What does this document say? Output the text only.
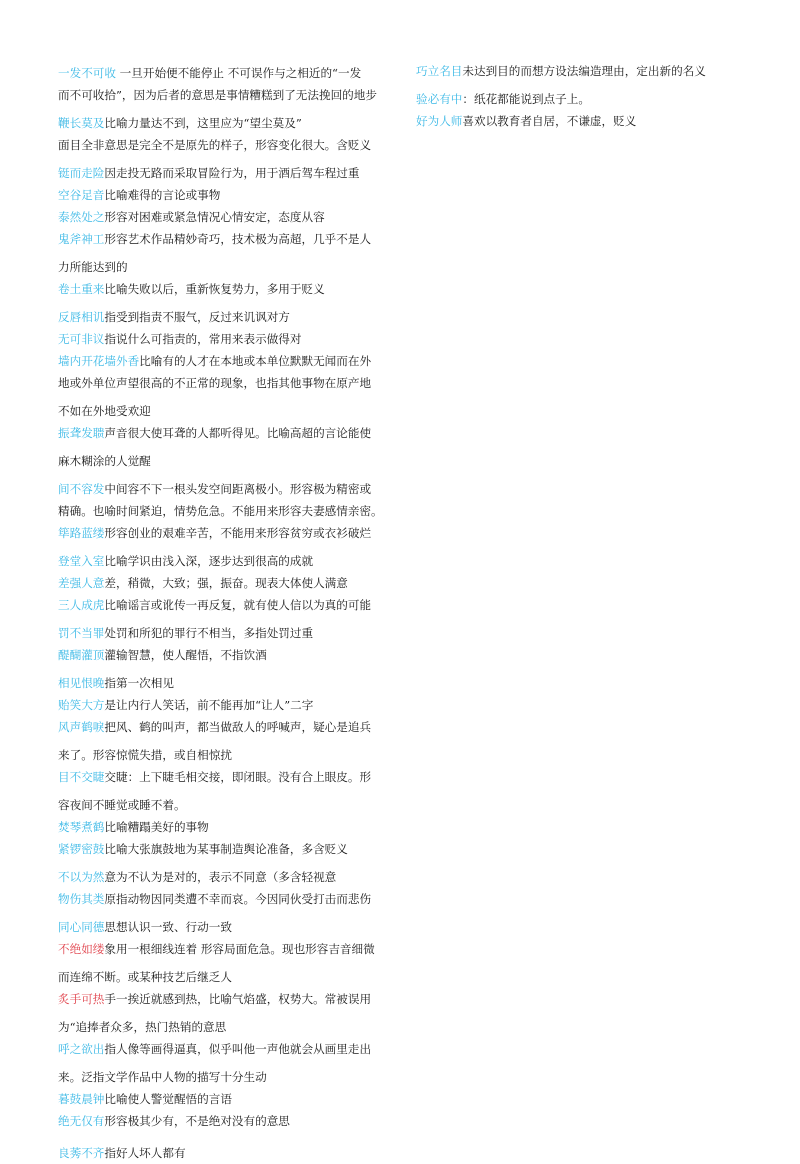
一发不可收 一旦开始便不能停止 不可误作与之相近的“一发
而不可收拾”，因为后者的意思是事情糟糕到了无法挽回的地步
鞭长莫及比喻力量达不到，这里应为“望尘莫及”
面目全非意思是完全不是原先的样子，形容变化很大。含贬义
铤而走险因走投无路而采取冒险行为，用于酒后驾车程过重
空谷足音比喻难得的言论或事物
泰然处之形容对困难或紧急情况心情安定，态度从容
鬼斧神工形容艺术作品精妙奇巧，技术极为高超，几乎不是人
力所能达到的
卷土重来比喻失败以后，重新恢复势力，多用于贬义
反唇相讥指受到指责不服气，反过来讥讽对方
无可非议指说什么可指责的，常用来表示做得对
墙内开花墙外香比喻有的人才在本地或本单位默默无闻而在外
地或外单位声望很高的不正常的现象，也指其他事物在原产地
不如在外地受欢迎
振聋发聩声音很大使耳聋的人都听得见。比喻高超的言论能使
麻木糊涂的人觉醒
间不容发中间容不下一根头发空间距离极小。形容极为精密或
精确。也喻时间紧迫，情势危急。不能用来形容夫妻感情亲密。
筚路蓝缕形容创业的艰难辛苦，不能用来形容贫穷或衣衫破烂
登堂入室比喻学识由浅入深，逐步达到很高的成就
差强人意差，稍微，大致；强，振奋。现表大体使人满意
三人成虎比喻谣言或讹传一再反复，就有使人信以为真的可能
罚不当罪处罚和所犯的罪行不相当，多指处罚过重
醍醐灌顶灌输智慧，使人醒悟，不指饮酒
相见恨晚指第一次相见
贻笑大方是让内行人笑话，前不能再加“让人”二字
风声鹤唳把风、鹤的叫声，都当做敌人的呼喊声，疑心是追兵
来了。形容惊慌失措，或自相惊扰
目不交睫交睫：上下睫毛相交接，即闭眼。没有合上眼皮。形
容夜间不睡觉或睡不着。
焚琴煮鹤比喻糟蹋美好的事物
紧锣密鼓比喻大张旗鼓地为某事制造舆论准备，多含贬义
不以为然意为不认为是对的，表示不同意（多含轻视意
物伤其类原指动物因同类遭不幸而哀。今因同伙受打击而悲伤
同心同德思想认识一致、行动一致
不绝如缕象用一根细线连着 形容局面危急。现也形容吉音细微
而连绵不断。或某种技艺后继乏人
炙手可热手一挨近就感到热，比喻气焰盛，权势大。常被误用
为“追捧者众多，热门热销的意思
呼之欲出指人像等画得逼真，似乎叫他一声他就会从画里走出
来。泛指文学作品中人物的描写十分生动
暮鼓晨钟比喻使人警觉醒悟的言语
绝无仅有形容极其少有，不是绝对没有的意思
良莠不齐指好人坏人都有
巧立名目未达到目的而想方设法编造理由，定出新的名义
验必有中：纸花都能说到点子上。
好为人师喜欢以教育者自居，不谦虚，贬义
